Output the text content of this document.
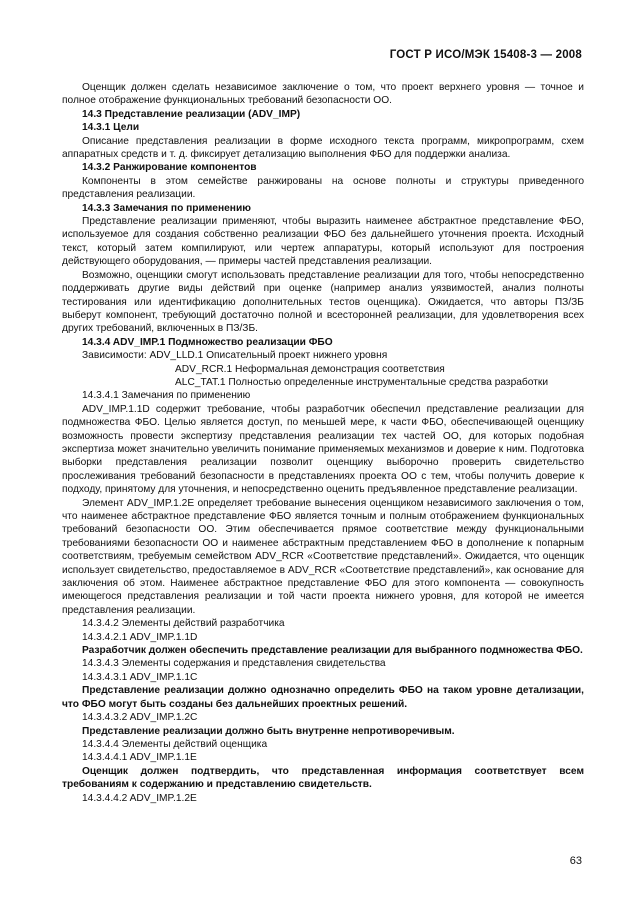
ГОСТ Р ИСО/МЭК 15408-3 — 2008

Оценщик должен сделать независимое заключение о том, что проект верхнего уровня — точное и полное отображение функциональных требований безопасности ОО.

14.3 Представление реализации (ADV_IMP)

14.3.1 Цели

Описание представления реализации в форме исходного текста программ, микропрограмм, схем аппаратных средств и т. д. фиксирует детализацию выполнения ФБО для поддержки анализа.

14.3.2 Ранжирование компонентов

Компоненты в этом семействе ранжированы на основе полноты и структуры приведенного представления реализации.

14.3.3 Замечания по применению

Представление реализации применяют, чтобы выразить наименее абстрактное представление ФБО, используемое для создания собственно реализации ФБО без дальнейшего уточнения проекта. Исходный текст, который затем компилируют, или чертеж аппаратуры, который используют для построения действующего оборудования, — примеры частей представления реализации.

Возможно, оценщики смогут использовать представление реализации для того, чтобы непосредственно поддерживать другие виды действий при оценке (например анализ уязвимостей, анализ полноты тестирования или идентификацию дополнительных тестов оценщика). Ожидается, что авторы ПЗ/ЗБ выберут компонент, требующий достаточно полной и всесторонней реализации, для удовлетворения всех других требований, включенных в ПЗ/ЗБ.

14.3.4 ADV_IMP.1 Подмножество реализации ФБО

Зависимости: ADV_LLD.1 Описательный проект нижнего уровня

ADV_RCR.1 Неформальная демонстрация соответствия

ALC_TAT.1 Полностью определенные инструментальные средства разработки

14.3.4.1 Замечания по применению

ADV_IMP.1.1D содержит требование, чтобы разработчик обеспечил представление реализации для подмножества ФБО. Целью является доступ, по меньшей мере, к части ФБО, обеспечивающей оценщику возможность провести экспертизу представления реализации тех частей ОО, для которых подобная экспертиза может значительно увеличить понимание применяемых механизмов и доверие к ним. Подготовка выборки представления реализации позволит оценщику выборочно проверить свидетельство прослеживания требований безопасности в представлениях проекта ОО с тем, чтобы получить доверие к подходу, принятому для уточнения, и непосредственно оценить предъявленное представление реализации.

Элемент ADV_IMP.1.2E определяет требование вынесения оценщиком независимого заключения о том, что наименее абстрактное представление ФБО является точным и полным отображением функциональных требований безопасности ОО. Этим обеспечивается прямое соответствие между функциональными требованиями безопасности ОО и наименее абстрактным представлением ФБО в дополнение к попарным соответствиям, требуемым семейством ADV_RCR «Соответствие представлений». Ожидается, что оценщик использует свидетельство, предоставляемое в ADV_RCR «Соответствие представлений», как основание для заключения об этом. Наименее абстрактное представление ФБО для этого компонента — совокупность имеющегося представления реализации и той части проекта нижнего уровня, для которой не имеется представления реализации.

14.3.4.2 Элементы действий разработчика

14.3.4.2.1 ADV_IMP.1.1D

Разработчик должен обеспечить представление реализации для выбранного подмножества ФБО.

14.3.4.3 Элементы содержания и представления свидетельства

14.3.4.3.1 ADV_IMP.1.1C

Представление реализации должно однозначно определить ФБО на таком уровне детализации, что ФБО могут быть созданы без дальнейших проектных решений.

14.3.4.3.2 ADV_IMP.1.2C

Представление реализации должно быть внутренне непротиворечивым.

14.3.4.4 Элементы действий оценщика

14.3.4.4.1 ADV_IMP.1.1E

Оценщик должен подтвердить, что представленная информация соответствует всем требованиям к содержанию и представлению свидетельств.

14.3.4.4.2 ADV_IMP.1.2E

63
